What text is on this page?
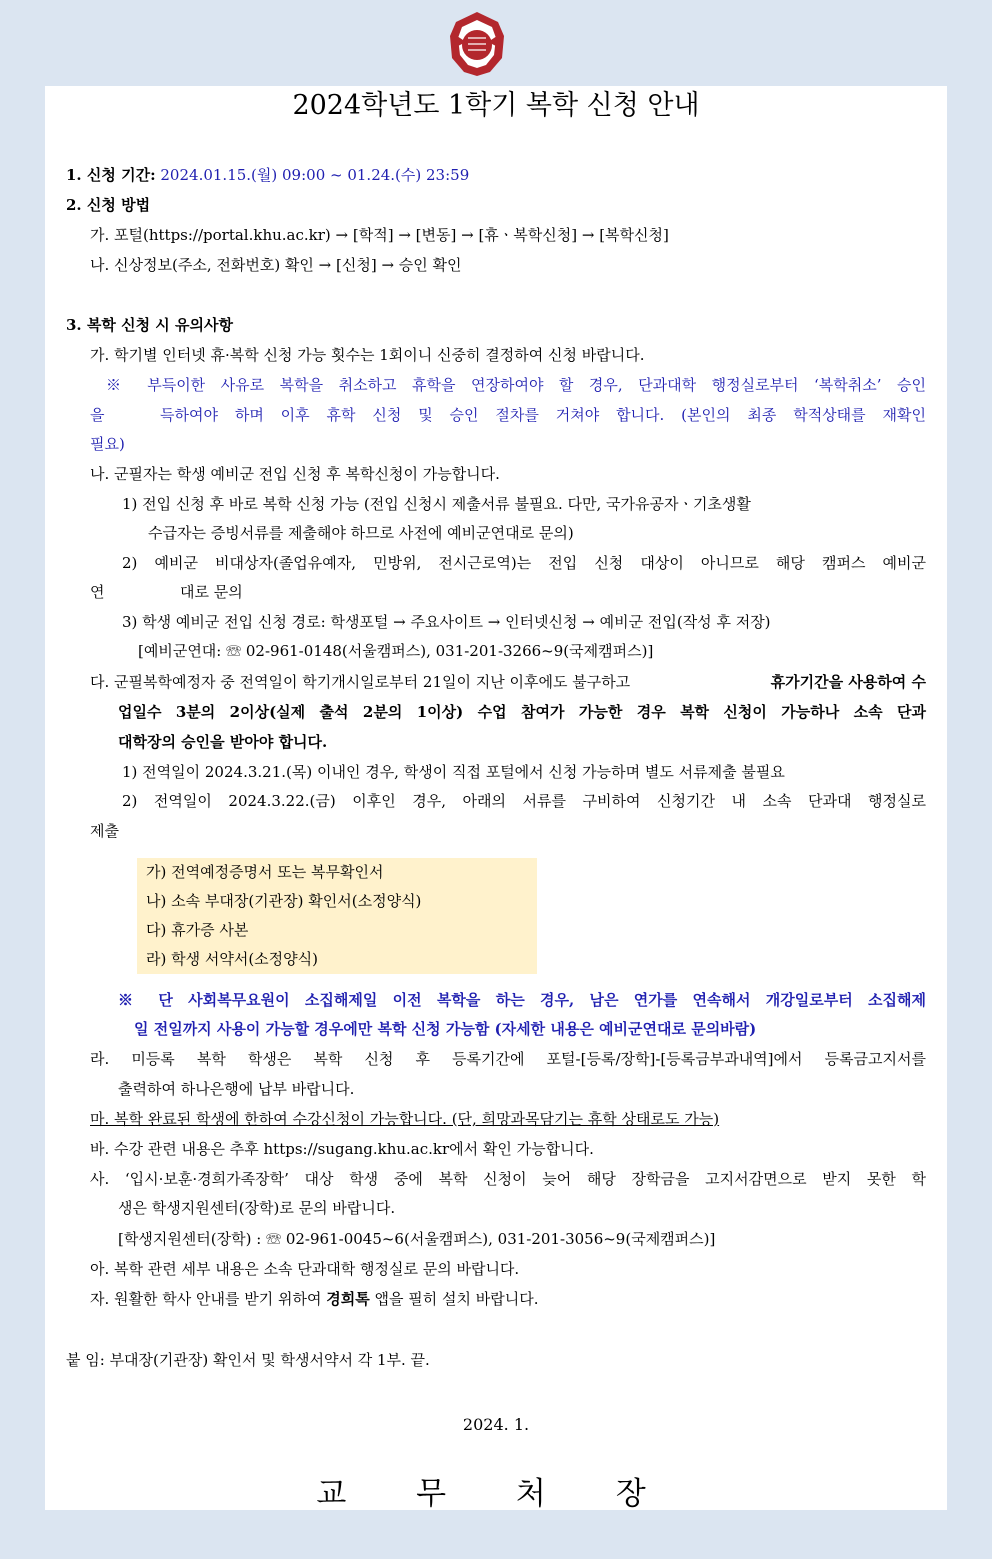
2024학년도 1학기 복학 신청 안내
1. 신청 기간: 2024.01.15.(월) 09:00 ~ 01.24.(수) 23:59
2. 신청 방법
가. 포털(https://portal.khu.ac.kr) → [학적] → [변동] → [휴ㆍ복학신청] → [복학신청]
나. 신상정보(주소, 전화번호) 확인 → [신청] → 승인 확인
3. 복학 신청 시 유의사항
가. 학기별 인터넷 휴·복학 신청 가능 횟수는 1회이니 신중히 결정하여 신청 바랍니다.
※ 부득이한 사유로 복학을 취소하고 휴학을 연장하여야 할 경우, 단과대학 행정실로부터 ‘복학취소’ 승인
을	득하여야 하며 이후 휴학 신청 및 승인 절차를 거쳐야 합니다. (본인의 최종 학적상태를 재확인
필요)
나. 군필자는 학생 예비군 전입 신청 후 복학신청이 가능합니다.
1) 전입 신청 후 바로 복학 신청 가능 (전입 신청시 제출서류 불필요. 다만, 국가유공자ㆍ기초생활
수급자는 증빙서류를 제출해야 하므로 사전에 예비군연대로 문의)
2) 예비군 비대상자(졸업유예자, 민방위, 전시근로역)는 전입 신청 대상이 아니므로 해당 캠퍼스 예비군
연	대로 문의
3) 학생 예비군 전입 신청 경로: 학생포털 → 주요사이트 → 인터넷신청 → 예비군 전입(작성 후 저장)
[예비군연대: ☏ 02-961-0148(서울캠퍼스), 031-201-3266~9(국제캠퍼스)]
다. 군필복학예정자 중 전역일이 학기개시일로부터 21일이 지난 이후에도 불구하고	휴가기간을 사용하여 수
업일수 3분의 2이상(실제 출석 2분의 1이상) 수업 참여가 가능한 경우 복학 신청이 가능하나 소속 단과
대학장의 승인을 받아야 합니다.
1) 전역일이 2024.3.21.(목) 이내인 경우, 학생이 직접 포털에서 신청 가능하며 별도 서류제출 불필요
2) 전역일이 2024.3.22.(금) 이후인 경우, 아래의 서류를 구비하여 신청기간 내 소속 단과대 행정실로
제출
가) 전역예정증명서 또는 복무확인서
나) 소속 부대장(기관장) 확인서(소정양식)
다) 휴가증 사본
라) 학생 서약서(소정양식)
※ 단 사회복무요원이 소집해제일 이전 복학을 하는 경우, 남은 연가를 연속해서 개강일로부터 소집해제
일 전일까지 사용이 가능할 경우에만 복학 신청 가능함 (자세한 내용은 예비군연대로 문의바람)
라. 미등록 복학 학생은 복학 신청 후 등록기간에 포털-[등록/장학]-[등록금부과내역]에서 등록금고지서를
출력하여 하나은행에 납부 바랍니다.
마. 복학 완료된 학생에 한하여 수강신청이 가능합니다. (단, 희망과목담기는 휴학 상태로도 가능)
바. 수강 관련 내용은 추후 https://sugang.khu.ac.kr에서 확인 가능합니다.
사. ‘입시·보훈·경희가족장학’ 대상 학생 중에 복학 신청이 늦어 해당 장학금을 고지서감면으로 받지 못한 학
생은 학생지원센터(장학)로 문의 바랍니다.
[학생지원센터(장학) : ☏ 02-961-0045~6(서울캠퍼스), 031-201-3056~9(국제캠퍼스)]
아. 복학 관련 세부 내용은 소속 단과대학 행정실로 문의 바랍니다.
자. 원활한 학사 안내를 받기 위하여 경희톡 앱을 필히 설치 바랍니다.
붙 임: 부대장(기관장) 확인서 및 학생서약서 각 1부. 끝.
2024. 1.
교 무 처 장
